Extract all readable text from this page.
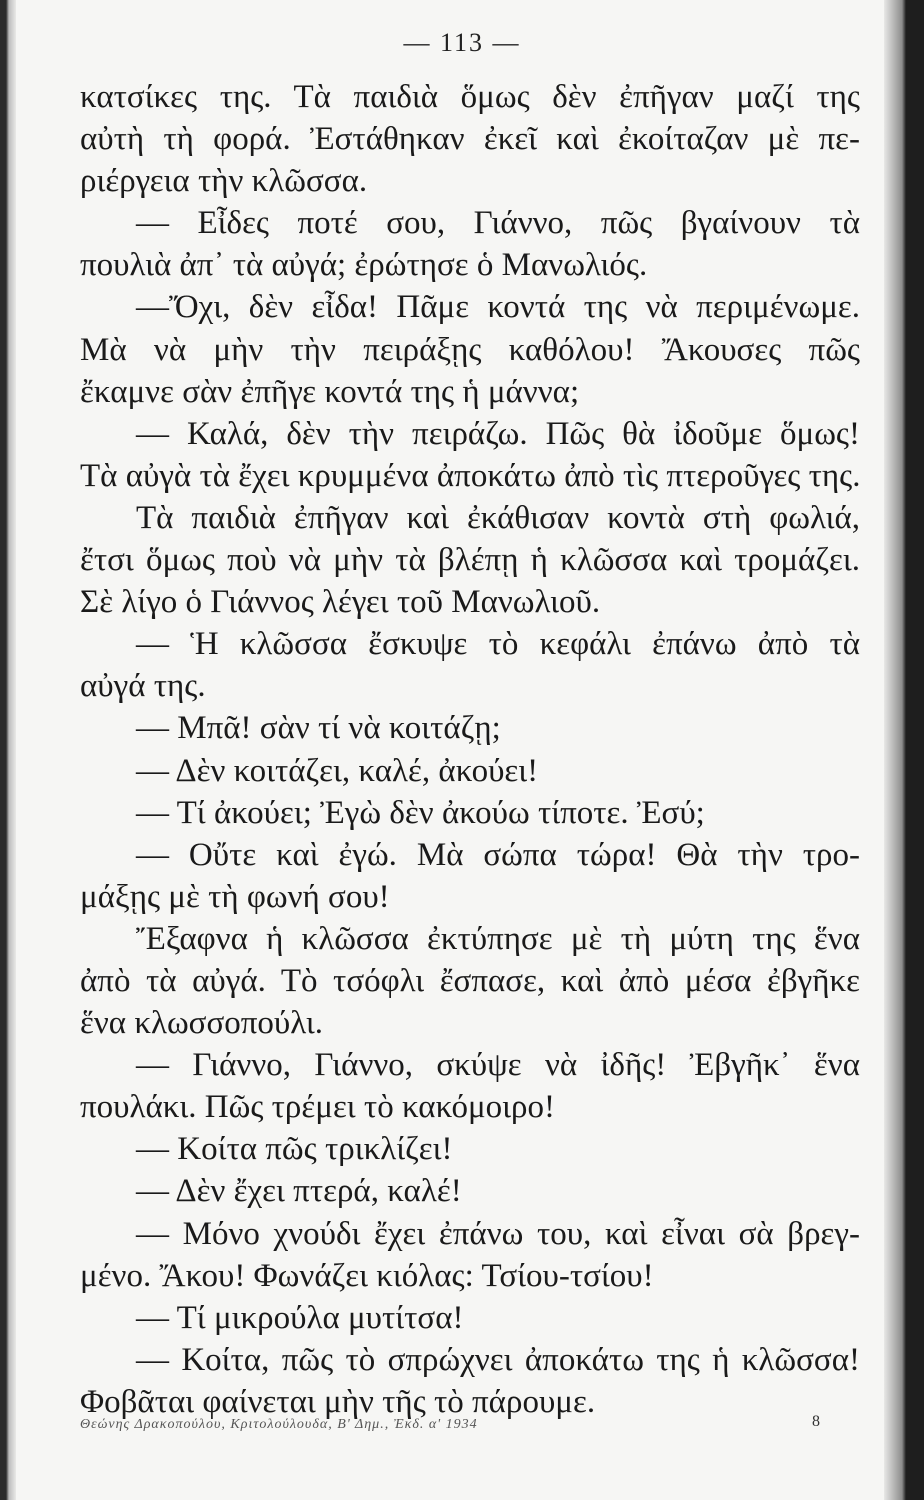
— 113 —
κατσίκες της. Τὰ παιδιὰ ὅμως δὲν ἐπῆγαν μαζί της
αὐτὴ τὴ φορά. Ἐστάθηκαν ἐκεῖ καὶ ἐκοίταζαν μὲ πε-
ριέργεια τὴν κλῶσσα.
— Εἶδες ποτέ σου, Γιάννο, πῶς βγαίνουν τὰ
πουλιὰ ἀπ᾿ τὰ αὐγά; ἐρώτησε ὁ Μανωλιός.
—Ὄχι, δὲν εἶδα! Πᾶμε κοντά της νὰ περιμένωμε.
Μὰ νὰ μὴν τὴν πειράξῃς καθόλου! Ἄκουσες πῶς
ἔκαμνε σὰν ἐπῆγε κοντά της ἡ μάννα;
— Καλά, δὲν τὴν πειράζω. Πῶς θὰ ἰδοῦμε ὅμως!
Τὰ αὐγὰ τὰ ἔχει κρυμμένα ἀποκάτω ἀπὸ τὶς πτεροῦγες της.
Τὰ παιδιὰ ἐπῆγαν καὶ ἐκάθισαν κοντὰ στὴ φωλιά,
ἔτσι ὅμως ποὺ νὰ μὴν τὰ βλέπῃ ἡ κλῶσσα καὶ τρομάζει.
Σὲ λίγο ὁ Γιάννος λέγει τοῦ Μανωλιοῦ.
— Ἡ κλῶσσα ἔσκυψε τὸ κεφάλι ἐπάνω ἀπὸ τὰ
αὐγά της.
— Μπᾶ! σὰν τί νὰ κοιτάζῃ;
— Δὲν κοιτάζει, καλέ, ἀκούει!
— Τί ἀκούει; Ἐγὼ δὲν ἀκούω τίποτε. Ἐσύ;
— Οὔτε καὶ ἐγώ. Μὰ σώπα τώρα! Θὰ τὴν τρο-
μάξῃς μὲ τὴ φωνή σου!
Ἔξαφνα ἡ κλῶσσα ἐκτύπησε μὲ τὴ μύτη της ἕνα
ἀπὸ τὰ αὐγά. Τὸ τσόφλι ἔσπασε, καὶ ἀπὸ μέσα ἐβγῆκε
ἕνα κλωσσοπούλι.
— Γιάννο, Γιάννο, σκύψε νὰ ἰδῆς! Ἐβγῆκ᾿ ἕνα
πουλάκι. Πῶς τρέμει τὸ κακόμοιρο!
— Κοίτα πῶς τρικλίζει!
— Δὲν ἔχει πτερά, καλέ!
— Μόνο χνούδι ἔχει ἐπάνω του, καὶ εἶναι σὰ βρεγ-
μένο. Ἄκου! Φωνάζει κιόλας: Τσίου-τσίου!
— Τί μικρούλα μυτίτσα!
— Κοίτα, πῶς τὸ σπρώχνει ἀποκάτω της ἡ κλῶσσα!
Φοβᾶται φαίνεται μὴν τῆς τὸ πάρουμε.
Θεώνης Δρακοπούλου, Κριτολούλουδα, Β' Δημ., Ἐκδ. α' 1934	8
